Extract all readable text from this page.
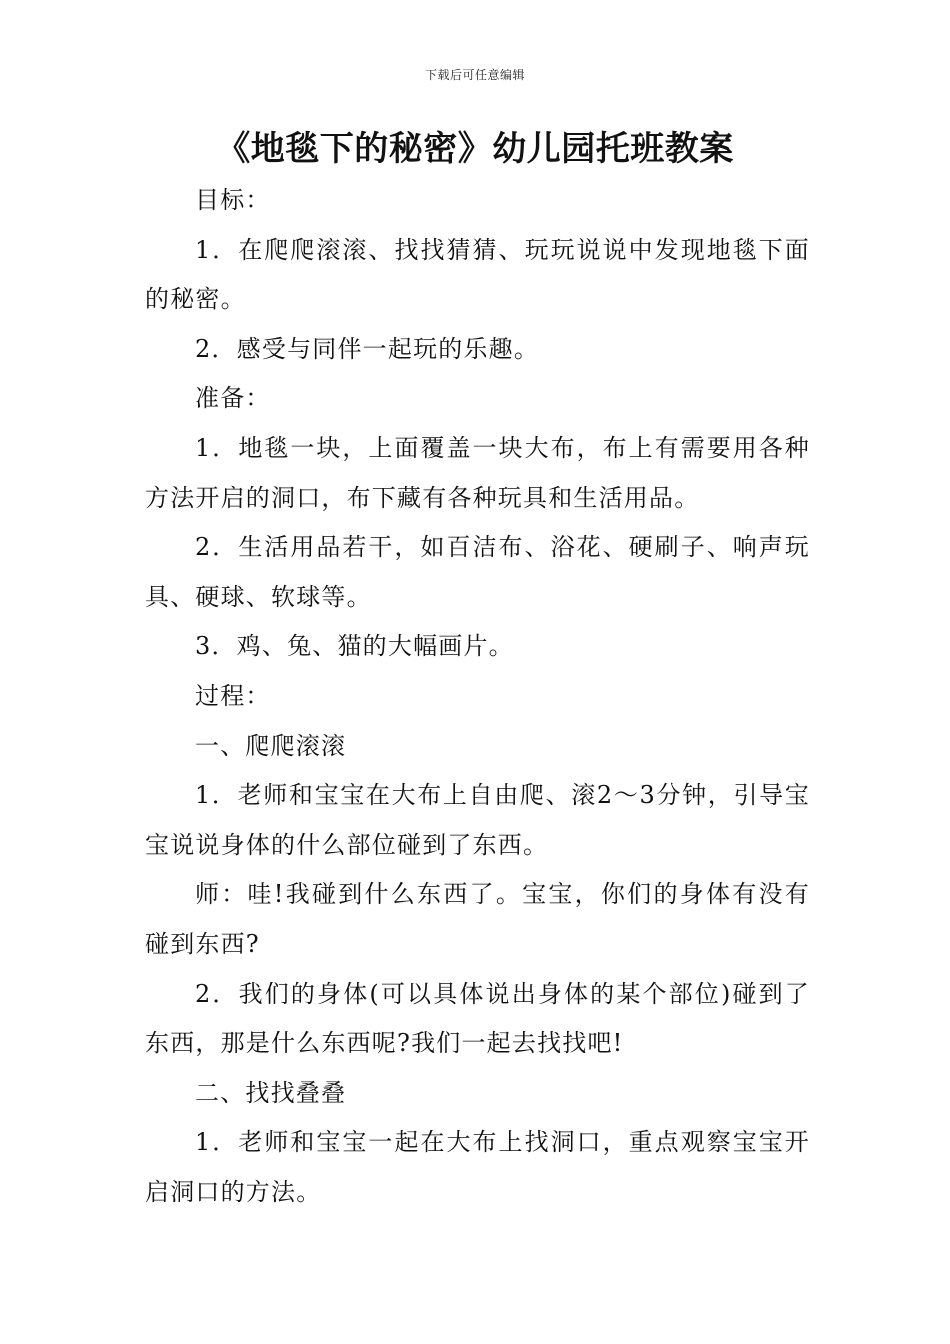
下载后可任意编辑
《地毯下的秘密》幼儿园托班教案

目标：

1．在爬爬滚滚、找找猜猜、玩玩说说中发现地毯下面的秘密。

2．感受与同伴一起玩的乐趣。

准备：

1．地毯一块，上面覆盖一块大布，布上有需要用各种方法开启的洞口，布下藏有各种玩具和生活用品。

2．生活用品若干，如百洁布、浴花、硬刷子、响声玩具、硬球、软球等。

3．鸡、兔、猫的大幅画片。

过程：

一、爬爬滚滚

1．老师和宝宝在大布上自由爬、滚2～3分钟，引导宝宝说说身体的什么部位碰到了东西。

师：哇!我碰到什么东西了。宝宝，你们的身体有没有碰到东西?

2．我们的身体(可以具体说出身体的某个部位)碰到了东西，那是什么东西呢?我们一起去找找吧!

二、找找叠叠

1．老师和宝宝一起在大布上找洞口，重点观察宝宝开启洞口的方法。
